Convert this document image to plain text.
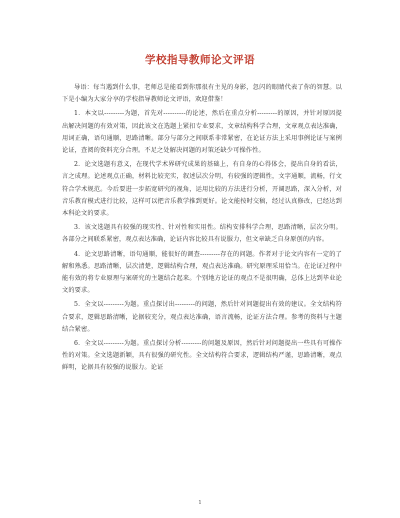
学校指导教师论文评语

导语：每当遇到什么事，老师总是能看到你那很有主见的身影，忽闪的眼睛代表了你的智慧。以下是小编为大家分享的学校指导教师论文评语，欢迎借鉴！

1．本文以---------为题，首先对----------的论述，然后在重点分析---------的原因，并针对原因提出解决问题的有效对策，因此该文在选题上紧扣专业要求，文章结构科学合理，文章观点表达准确，用词正确，语句通顺，思路清晰。部分与部分之间联系非常紧密，在论证方法上采用事例论证与案例论证，查阅的资料充分合理。不足之处解决问题的对策还缺少可操作性。

2．论文选题有意义，在现代学术界研究成果的基础上，有自身的心得体会，提出自身的看法，言之成理。论述观点正确，材料比较充实，叙述层次分明，有较强的逻辑性，文字通顺，流畅，行文符合学术规范。今后要进一步拓宽研究的视角，运用比较的方法进行分析，开阔思路，深入分析，对音乐教育模式进行比较，这样可以把音乐教学推到更好。论文能按时交稿，经过认真修改，已经达到本科论文的要求。

3．该文选题具有较强的现实性、针对性和实用性。结构安排科学合理，思路清晰，层次分明。各部分之间联系紧密，观点表达准确，论证内容比较具有说服力，但文章缺乏自身原创的内容。

4．论文思路清晰，语句通顺，能很好的调查---------存在的问题。作者对于论文内容有一定的了解和熟悉。思路清晰，层次清楚，逻辑结构合理，观点表达准确。研究原理采用恰当。在论证过程中能有效的将专业原理与案研究的主题结合起来。个别地方论证的观点不是很明确，总体上达到毕业论文的要求。

5．全文以---------为题。重点探讨出---------的问题，然后针对问题提出有效的建议。全文结构符合要求，逻辑思路清晰，论据较充分，观点表达准确，语言流畅，论证方法合理。参考的资料与主题结合紧密。

6．全文以---------为题。重点探讨分析---------的问题及原因，然后针对问题提出一些具有可操作性的对策。全文选题新颖，具有很强的研究性。全文结构符合要求，逻辑结构严谨，思路清晰，观点鲜明，论据具有较强的说服力。论证

1
